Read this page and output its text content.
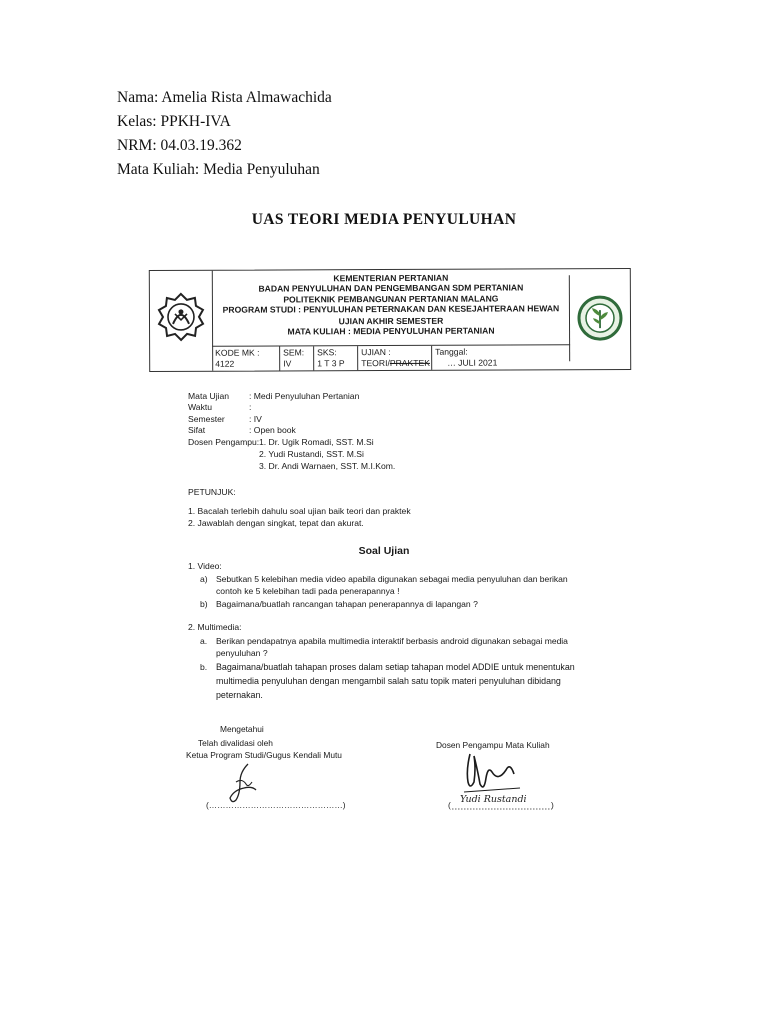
Nama: Amelia Rista Almawachida
Kelas: PPKH-IVA
NRM: 04.03.19.362
Mata Kuliah: Media Penyuluhan
UAS TEORI MEDIA PENYULUHAN
KEMENTERIAN PERTANIAN
BADAN PENYULUHAN DAN PENGEMBANGAN SDM PERTANIAN
POLITEKNIK PEMBANGUNAN PERTANIAN MALANG
PROGRAM STUDI : PENYULUHAN PETERNAKAN DAN KESEJAHTERAAN HEWAN
UJIAN AKHIR SEMESTER
MATA KULIAH : MEDIA PENYULUHAN PERTANIAN
KODE MK :
4122
SEM:
IV
SKS:
1 T 3 P
UJIAN :
TEORI/PRAKTEK
Tanggal:
… JULI 2021
Mata Ujian : Medi Penyuluhan Pertanian
Waktu	:
Semester	: IV
Sifat	: Open book
Dosen Pengampu: 1. Dr. Ugik Romadi, SST. M.Si
2. Yudi Rustandi, SST. M.Si
3. Dr. Andi Warnaen, SST. M.I.Kom.
PETUNJUK:
1. Bacalah terlebih dahulu soal ujian baik teori dan praktek
2. Jawablah dengan singkat, tepat dan akurat.
Soal Ujian
1. Video:
a) Sebutkan 5 kelebihan media video apabila digunakan sebagai media penyuluhan dan berikan
contoh ke 5 kelebihan tadi pada penerapannya !
b) Bagaimana/buatlah rancangan tahapan penerapannya di lapangan ?
2. Multimedia:
a. Berikan pendapatnya apabila multimedia interaktif berbasis android digunakan sebagai media
penyuluhan ?
b. Bagaimana/buatlah tahapan proses dalam setiap tahapan model ADDIE untuk menentukan
multimedia penyuluhan dengan mengambil salah satu topik materi penyuluhan dibidang
peternakan.
Mengetahui
Telah divalidasi oleh
Ketua Program Studi/Gugus Kendali Mutu
(…………………………………………)
Dosen Pengampu Mata Kuliah
( Yudi Rustandi	)
